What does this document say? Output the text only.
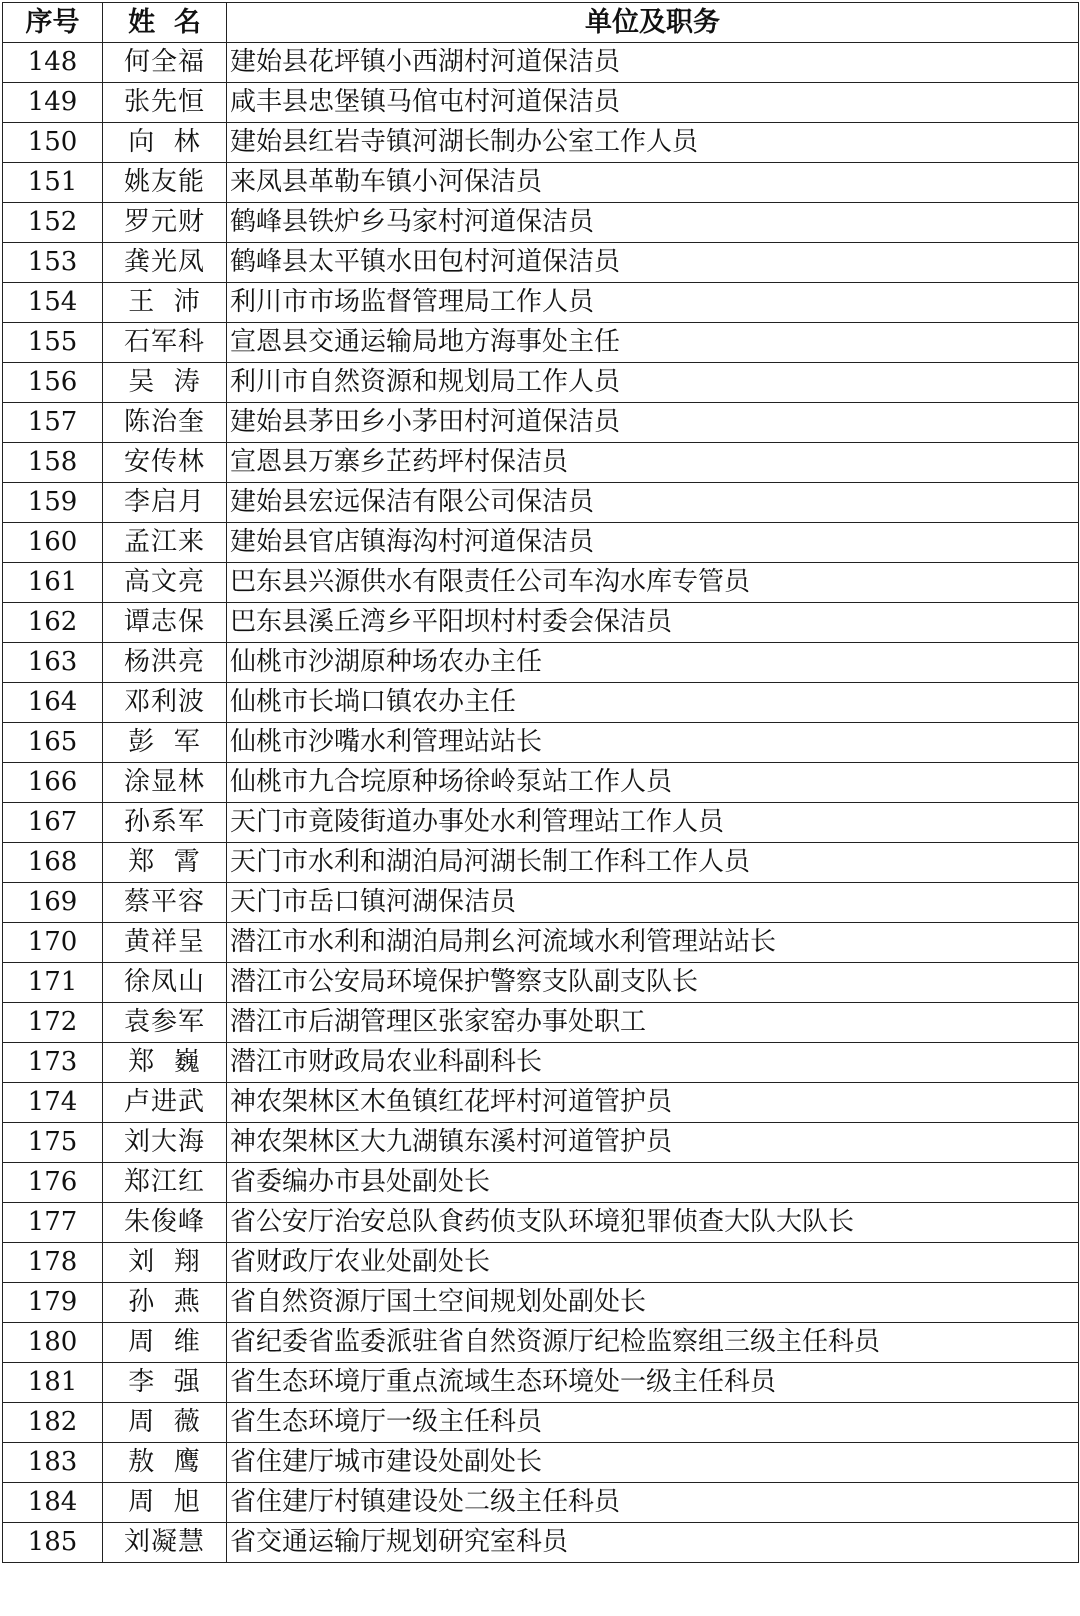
序号	姓  名	单位及职务
148	何全福	建始县花坪镇小西湖村河道保洁员
149	张先恒	咸丰县忠堡镇马倌屯村河道保洁员
150	向  林	建始县红岩寺镇河湖长制办公室工作人员
151	姚友能	来凤县革勒车镇小河保洁员
152	罗元财	鹤峰县铁炉乡马家村河道保洁员
153	龚光凤	鹤峰县太平镇水田包村河道保洁员
154	王  沛	利川市市场监督管理局工作人员
155	石军科	宣恩县交通运输局地方海事处主任
156	吴  涛	利川市自然资源和规划局工作人员
157	陈治奎	建始县茅田乡小茅田村河道保洁员
158	安传林	宣恩县万寨乡芷药坪村保洁员
159	李启月	建始县宏远保洁有限公司保洁员
160	孟江来	建始县官店镇海沟村河道保洁员
161	高文亮	巴东县兴源供水有限责任公司车沟水库专管员
162	谭志保	巴东县溪丘湾乡平阳坝村村委会保洁员
163	杨洪亮	仙桃市沙湖原种场农办主任
164	邓利波	仙桃市长埫口镇农办主任
165	彭  军	仙桃市沙嘴水利管理站站长
166	涂显林	仙桃市九合垸原种场徐岭泵站工作人员
167	孙系军	天门市竟陵街道办事处水利管理站工作人员
168	郑  霄	天门市水利和湖泊局河湖长制工作科工作人员
169	蔡平容	天门市岳口镇河湖保洁员
170	黄祥呈	潜江市水利和湖泊局荆幺河流域水利管理站站长
171	徐凤山	潜江市公安局环境保护警察支队副支队长
172	袁参军	潜江市后湖管理区张家窑办事处职工
173	郑  巍	潜江市财政局农业科副科长
174	卢进武	神农架林区木鱼镇红花坪村河道管护员
175	刘大海	神农架林区大九湖镇东溪村河道管护员
176	郑江红	省委编办市县处副处长
177	朱俊峰	省公安厅治安总队食药侦支队环境犯罪侦查大队大队长
178	刘  翔	省财政厅农业处副处长
179	孙  燕	省自然资源厅国土空间规划处副处长
180	周  维	省纪委省监委派驻省自然资源厅纪检监察组三级主任科员
181	李  强	省生态环境厅重点流域生态环境处一级主任科员
182	周  薇	省生态环境厅一级主任科员
183	敖  鹰	省住建厅城市建设处副处长
184	周  旭	省住建厅村镇建设处二级主任科员
185	刘凝慧	省交通运输厅规划研究室科员
